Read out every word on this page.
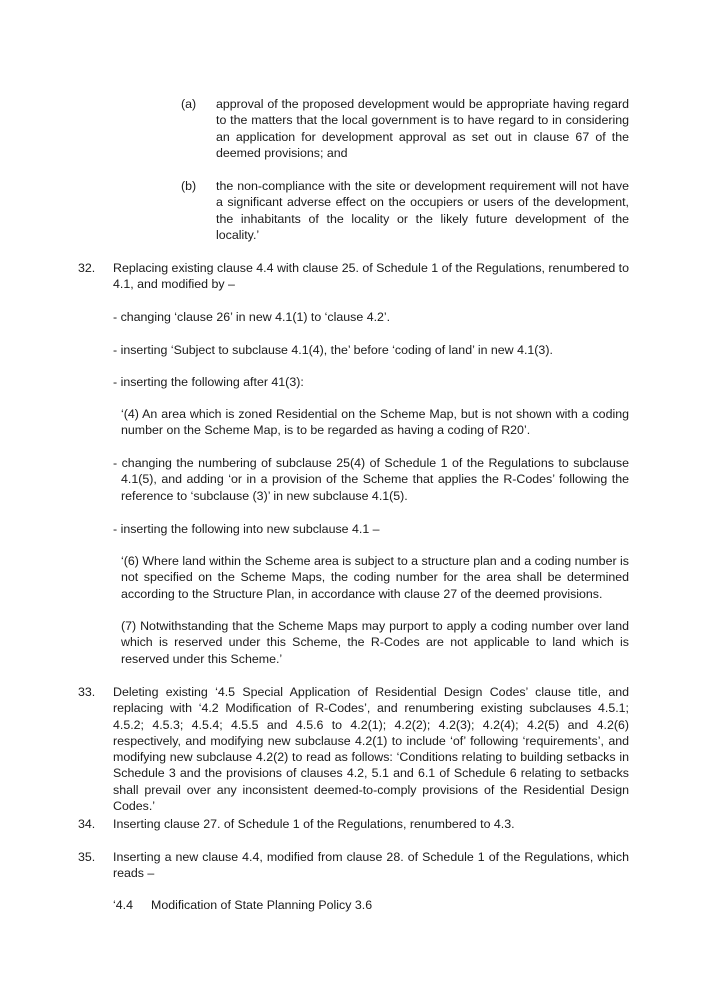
(a) approval of the proposed development would be appropriate having regard to the matters that the local government is to have regard to in considering an application for development approval as set out in clause 67 of the deemed provisions; and

(b) the non-compliance with the site or development requirement will not have a significant adverse effect on the occupiers or users of the development, the inhabitants of the locality or the likely future development of the locality.’

32. Replacing existing clause 4.4 with clause 25. of Schedule 1 of the Regulations, renumbered to 4.1, and modified by –

- changing ‘clause 26’ in new 4.1(1) to ‘clause 4.2’.

- inserting ‘Subject to subclause 4.1(4), the’ before ‘coding of land’ in new 4.1(3).

- inserting the following after 41(3):

‘(4) An area which is zoned Residential on the Scheme Map, but is not shown with a coding number on the Scheme Map, is to be regarded as having a coding of R20’.

- changing the numbering of subclause 25(4) of Schedule 1 of the Regulations to subclause 4.1(5), and adding ‘or in a provision of the Scheme that applies the R-Codes’ following the reference to ‘subclause (3)’ in new subclause 4.1(5).

- inserting the following into new subclause 4.1 –

‘(6) Where land within the Scheme area is subject to a structure plan and a coding number is not specified on the Scheme Maps, the coding number for the area shall be determined according to the Structure Plan, in accordance with clause 27 of the deemed provisions.

(7) Notwithstanding that the Scheme Maps may purport to apply a coding number over land which is reserved under this Scheme, the R-Codes are not applicable to land which is reserved under this Scheme.’

33. Deleting existing ‘4.5 Special Application of Residential Design Codes’ clause title, and replacing with ‘4.2 Modification of R-Codes’, and renumbering existing subclauses 4.5.1; 4.5.2; 4.5.3; 4.5.4; 4.5.5 and 4.5.6 to 4.2(1); 4.2(2); 4.2(3); 4.2(4); 4.2(5) and 4.2(6) respectively, and modifying new subclause 4.2(1) to include ‘of’ following ‘requirements’, and modifying new subclause 4.2(2) to read as follows: ‘Conditions relating to building setbacks in Schedule 3 and the provisions of clauses 4.2, 5.1 and 6.1 of Schedule 6 relating to setbacks shall prevail over any inconsistent deemed-to-comply provisions of the Residential Design Codes.’

34. Inserting clause 27. of Schedule 1 of the Regulations, renumbered to 4.3.

35. Inserting a new clause 4.4, modified from clause 28. of Schedule 1 of the Regulations, which reads –

‘4.4 Modification of State Planning Policy 3.6
